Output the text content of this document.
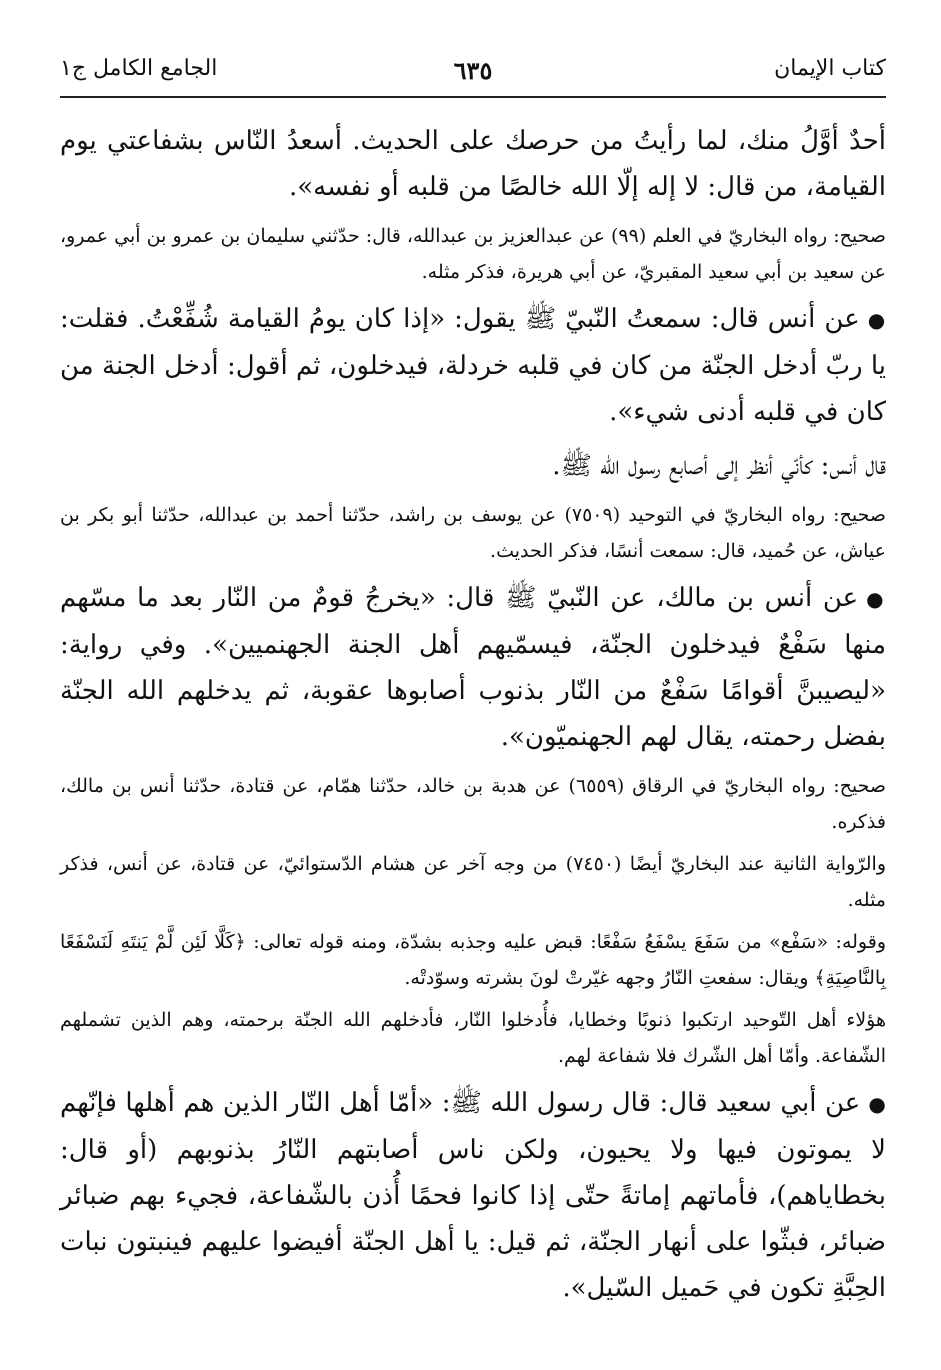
كتاب الإيمان
٦٣٥
الجامع الكامل ج١

أحدٌ أوَّلُ منك، لما رأيتُ من حرصك على الحديث. أسعدُ النّاس بشفاعتي يوم القيامة، من قال: لا إله إلّا الله خالصًا من قلبه أو نفسه».

صحيح: رواه البخاريّ في العلم (٩٩) عن عبدالعزيز بن عبدالله، قال: حدّثني سليمان بن عمرو بن أبي عمرو، عن سعيد بن أبي سعيد المقبريّ، عن أبي هريرة، فذكر مثله.

●عن أنس قال: سمعتُ النّبيّ ﷺ يقول: «إذا كان يومُ القيامة شُفِّعْتُ. فقلت: يا ربّ أدخل الجنّة من كان في قلبه خردلة، فيدخلون، ثم أقول: أدخل الجنة من كان في قلبه أدنى شيء».

قال أنس: كأنّي أنظر إلى أصابع رسول الله ﷺ.

صحيح: رواه البخاريّ في التوحيد (٧٥٠٩) عن يوسف بن راشد، حدّثنا أحمد بن عبدالله، حدّثنا أبو بكر بن عياش، عن حُميد، قال: سمعت أنسًا، فذكر الحديث.

●عن أنس بن مالك، عن النّبيّ ﷺ قال: «يخرجُ قومٌ من النّار بعد ما مسّهم منها سَفْعٌ فيدخلون الجنّة، فيسمّيهم أهل الجنة الجهنميين». وفي رواية: «ليصيبنَّ أقوامًا سَفْعٌ من النّار بذنوب أصابوها عقوبة، ثم يدخلهم الله الجنّة بفضل رحمته، يقال لهم الجهنميّون».

صحيح: رواه البخاريّ في الرقاق (٦٥٥٩) عن هدبة بن خالد، حدّثنا همّام، عن قتادة، حدّثنا أنس بن مالك، فذكره.

والرّواية الثانية عند البخاريّ أيضًا (٧٤٥٠) من وجه آخر عن هشام الدّستوائيّ، عن قتادة، عن أنس، فذكر مثله.

وقوله: «سَفْع» من سَفَعَ يسْفَعُ سَفْعًا: قبض عليه وجذبه بشدّة، ومنه قوله تعالى: ﴿كَلَّا لَئِن لَّمْ يَنتَهِ لَنَسْفَعًا بِالنَّاصِيَةِ﴾ ويقال: سفعتِ النّارُ وجهه غيّرتْ لونَ بشرته وسوّدتْه.

هؤلاء أهل التّوحيد ارتكبوا ذنوبًا وخطايا، فأُدخلوا النّار، فأدخلهم الله الجنّة برحمته، وهم الذين تشملهم الشّفاعة. وأمّا أهل الشّرك فلا شفاعة لهم.

●عن أبي سعيد قال: قال رسول الله ﷺ: «أمّا أهل النّار الذين هم أهلها فإنّهم لا يموتون فيها ولا يحيون، ولكن ناس أصابتهم النّارُ بذنوبهم (أو قال: بخطاياهم)، فأماتهم إماتةً حتّى إذا كانوا فحمًا أُذن بالشّفاعة، فجيء بهم ضبائر ضبائر، فبثّوا على أنهار الجنّة، ثم قيل: يا أهل الجنّة أفيضوا عليهم فينبتون نبات الحِبَّةِ تكون في حَميل السّيل».
